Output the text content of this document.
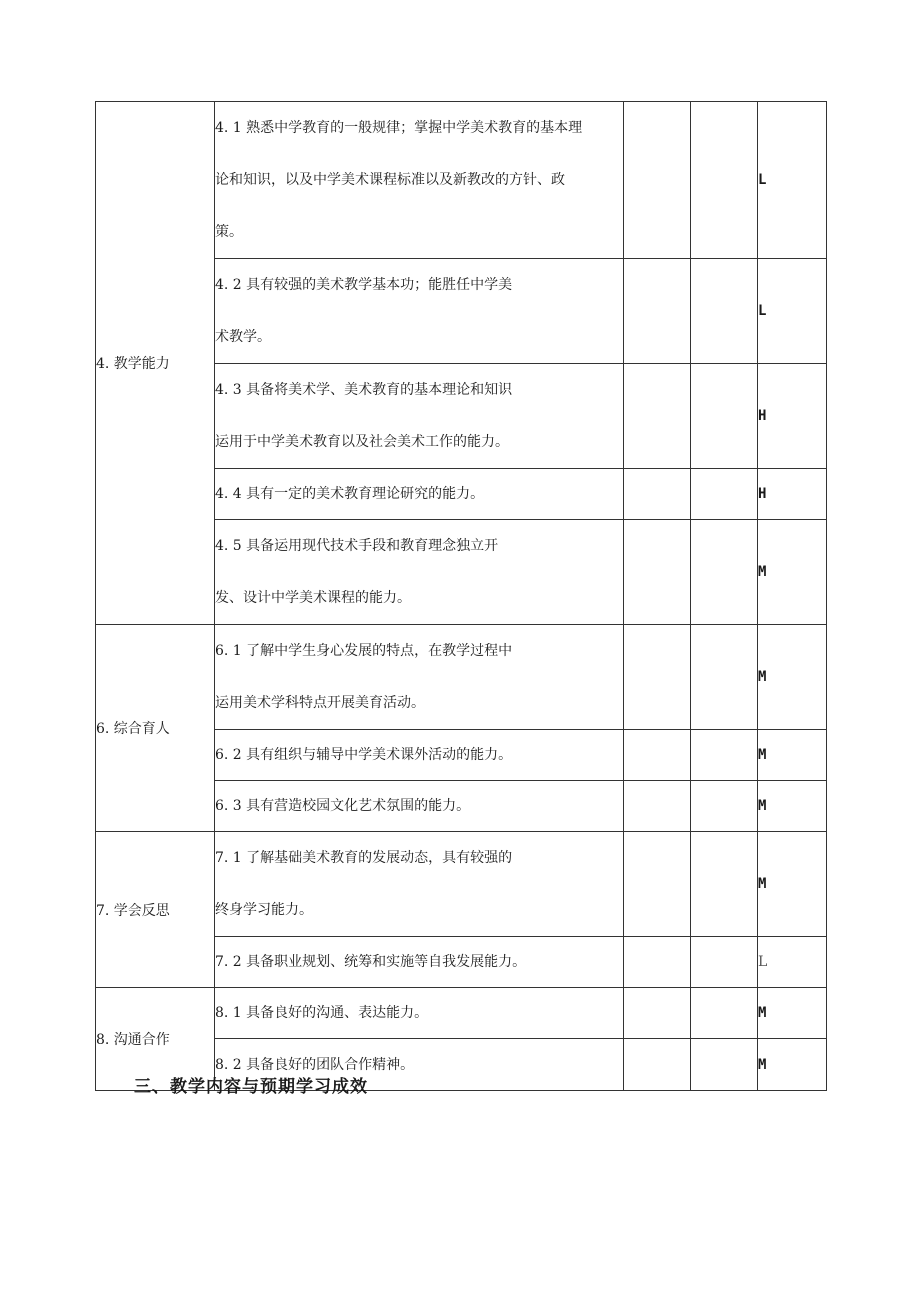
4. 教学能力	4. 1 熟悉中学教育的一般规律；掌握中学美术教育的基本理
论和知识，以及中学美术课程标准以及新教改的方针、政
策。			L

	4. 2 具有较强的美术教学基本功；能胜任中学美
术教学。			L

	4. 3 具备将美术学、美术教育的基本理论和知识
运用于中学美术教育以及社会美术工作的能力。			H

	4. 4 具有一定的美术教育理论研究的能力。			H

	4. 5 具备运用现代技术手段和教育理念独立开
发、设计中学美术课程的能力。			M
6. 综合育人	6. 1 了解中学生身心发展的特点，在教学过程中
运用美术学科特点开展美育活动。			M

	6. 2 具有组织与辅导中学美术课外活动的能力。			M

	6. 3 具有营造校园文化艺术氛围的能力。			M
7. 学会反思	7. 1 了解基础美术教育的发展动态，具有较强的
终身学习能力。			M

	7. 2 具备职业规划、统筹和实施等自我发展能力。			L
8. 沟通合作	8. 1 具备良好的沟通、表达能力。			M

	8. 2 具备良好的团队合作精神。			M
三、教学内容与预期学习成效
